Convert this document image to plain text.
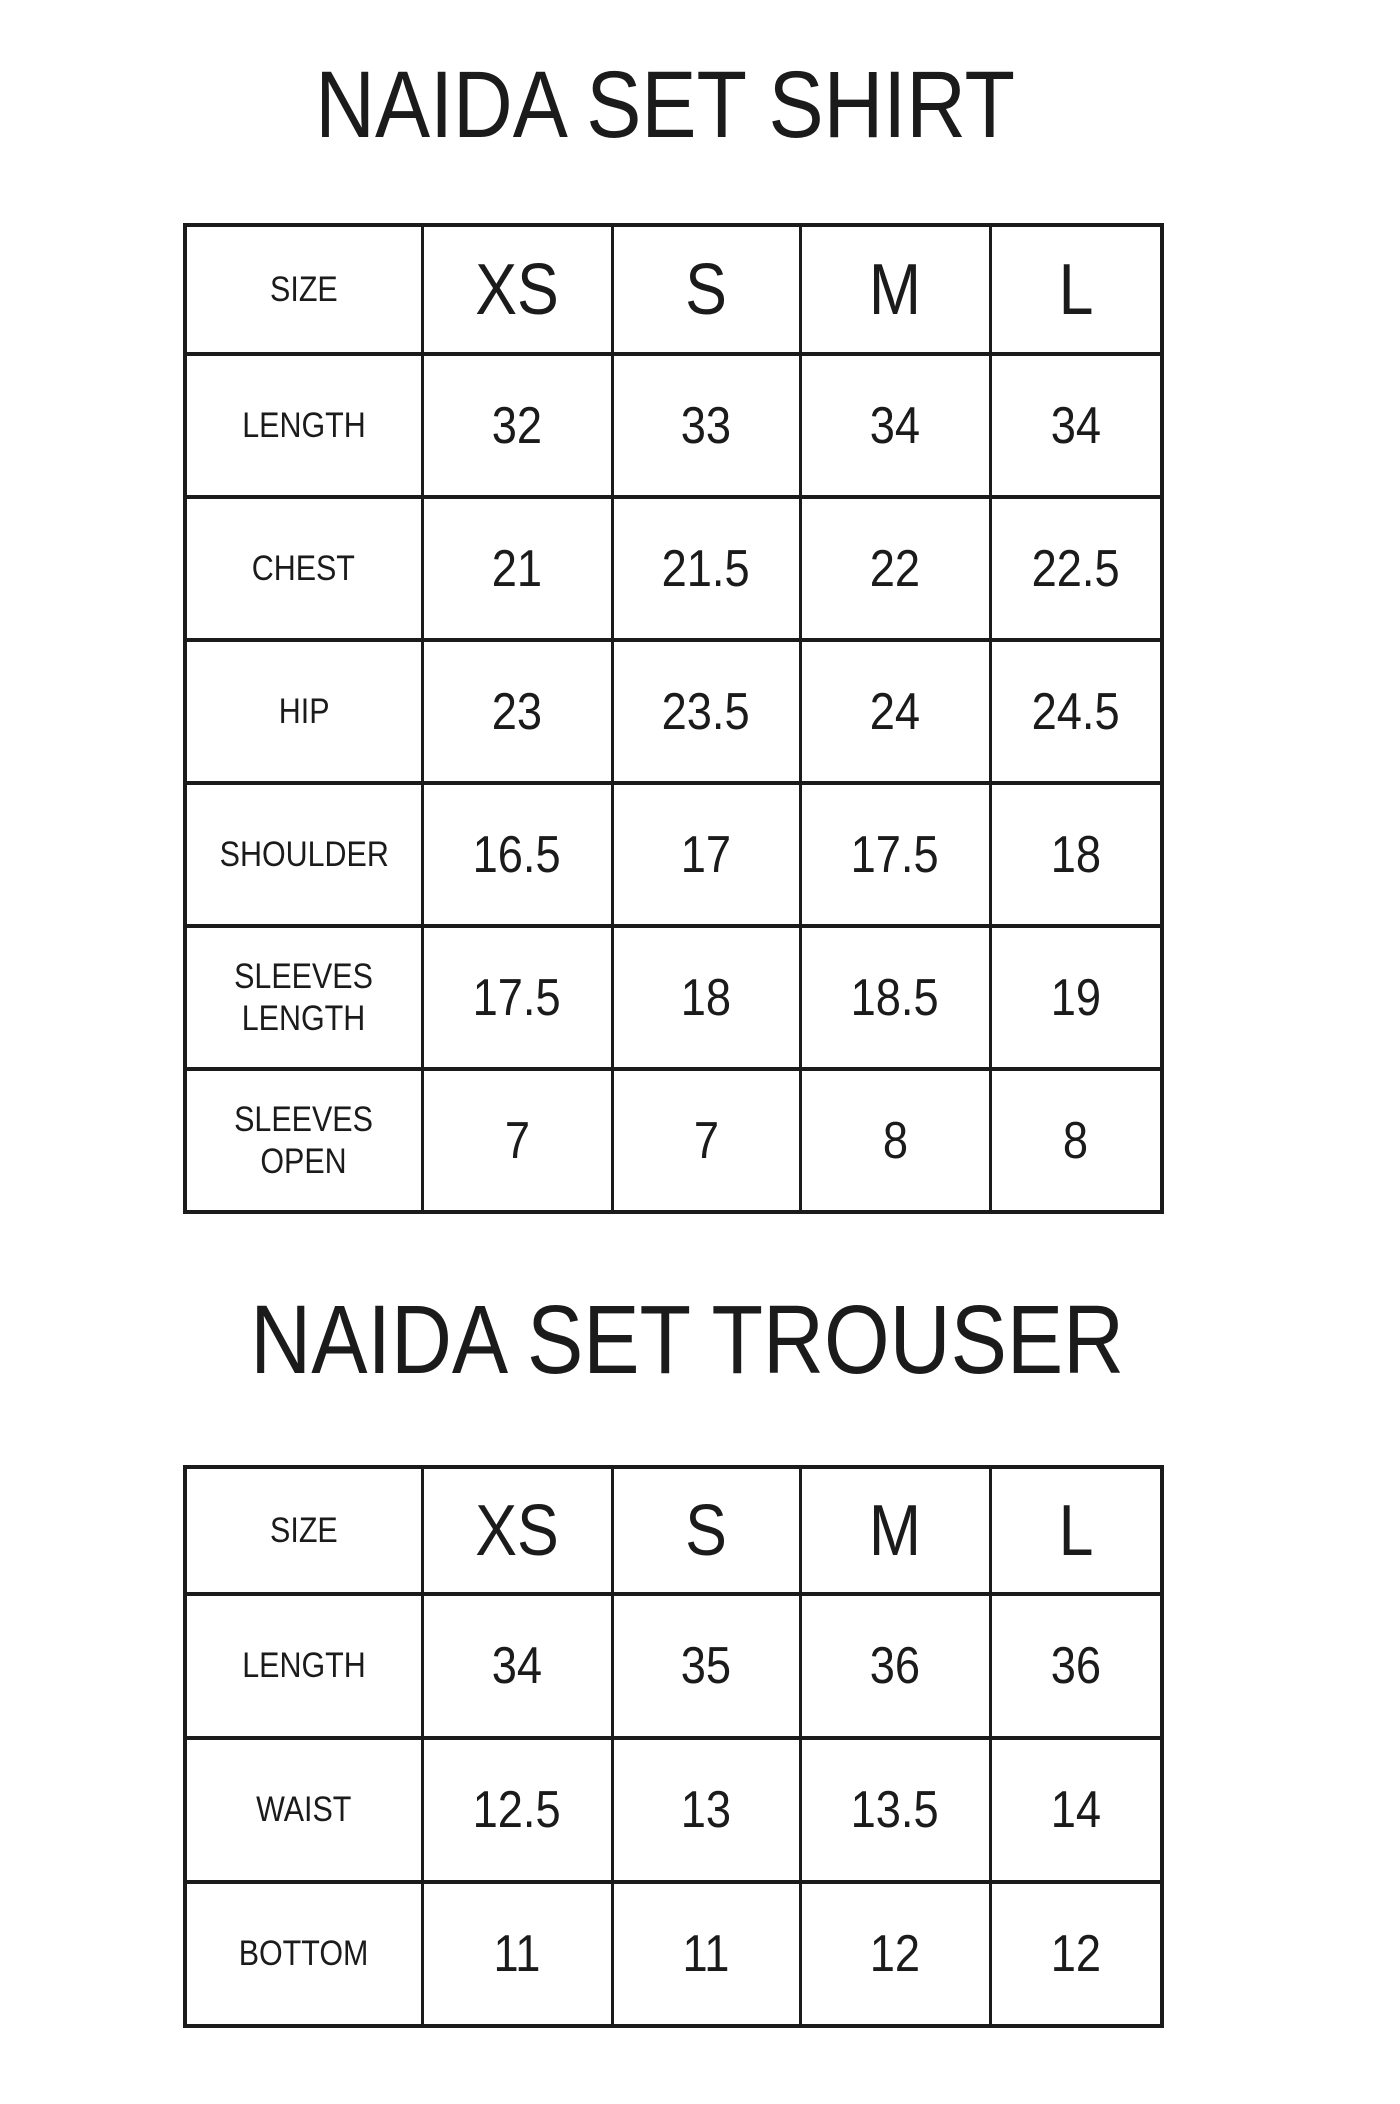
NAIDA SET SHIRT
SIZE	XS	S	M	L
LENGTH	32	33	34	34
CHEST	21	21.5	22	22.5
HIP	23	23.5	24	24.5
SHOULDER	16.5	17	17.5	18
SLEEVES LENGTH	17.5	18	18.5	19
SLEEVES OPEN	7	7	8	8
NAIDA SET TROUSER
SIZE	XS	S	M	L
LENGTH	34	35	36	36
WAIST	12.5	13	13.5	14
BOTTOM	11	11	12	12
